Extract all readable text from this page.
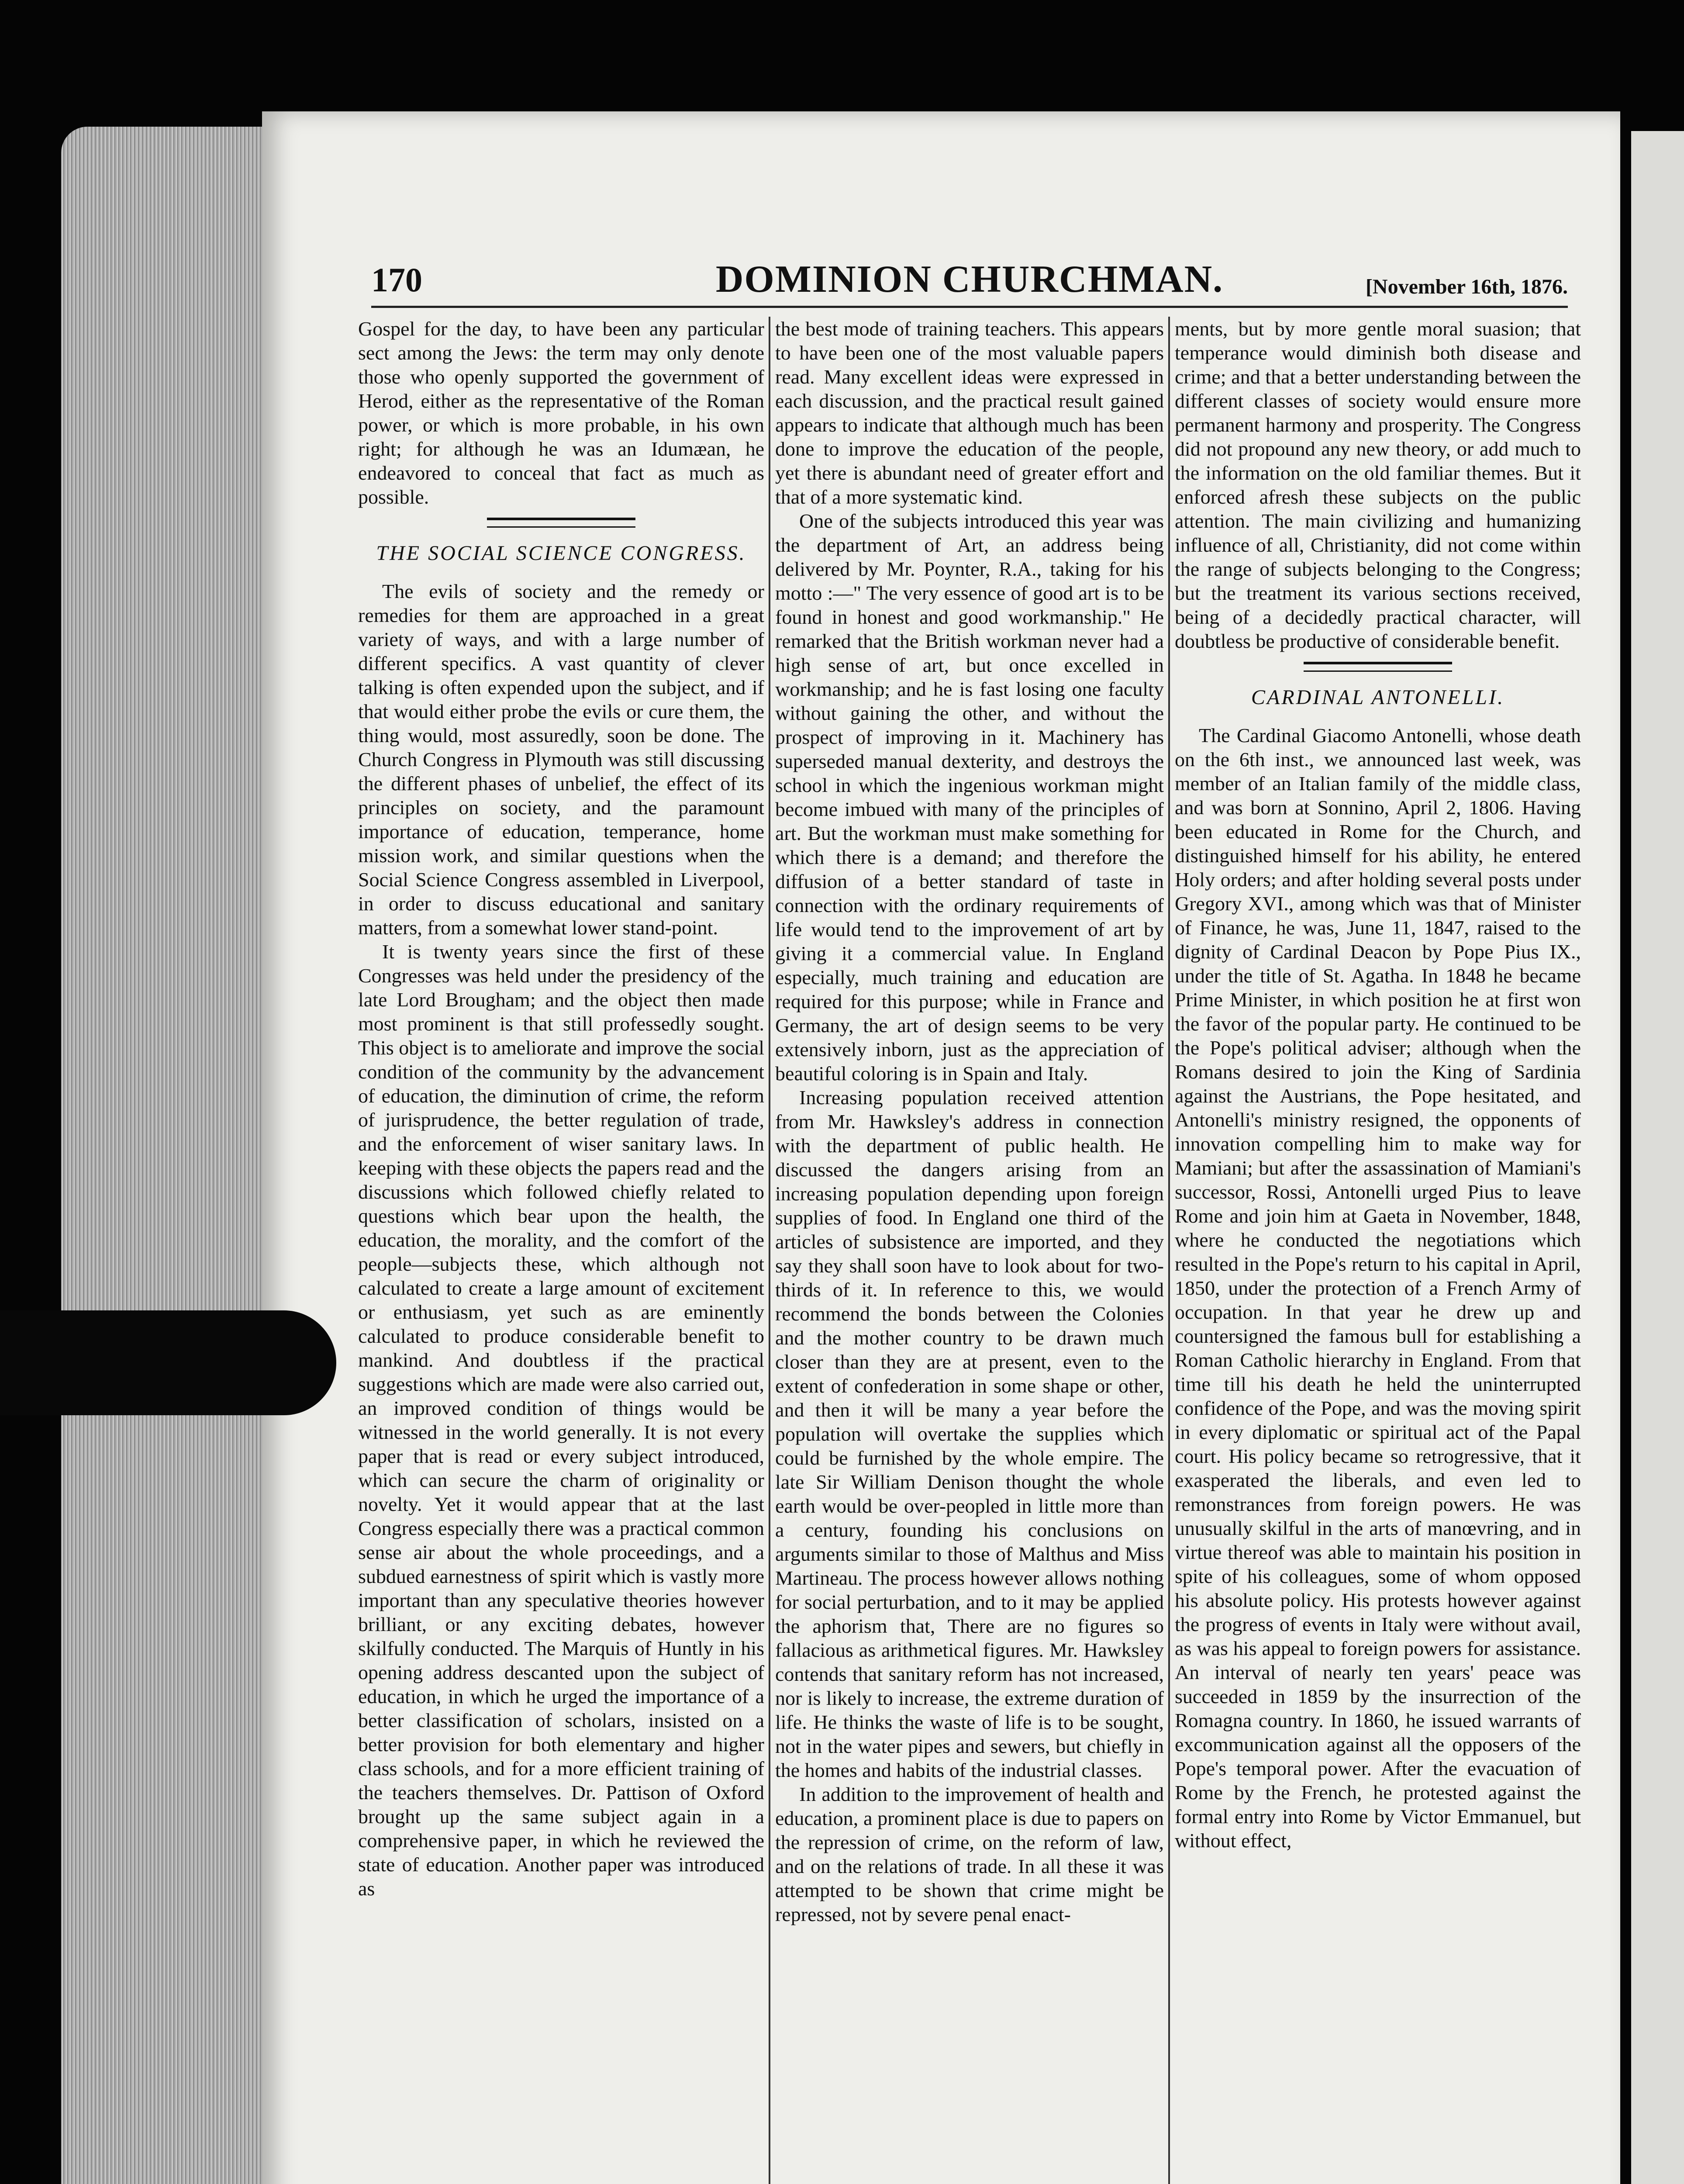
170	DOMINION CHURCHMAN.	[November 16th, 1876.

Gospel for the day, to have been any particular sect among the Jews: the term may only denote those who openly supported the government of Herod, either as the representative of the Roman power, or which is more probable, in his own right; for although he was an Idumæan, he endeavored to conceal that fact as much as possible.

THE SOCIAL SCIENCE CONGRESS.

The evils of society and the remedy or remedies for them are approached in a great variety of ways, and with a large number of different specifics. A vast quantity of clever talking is often expended upon the subject, and if that would either probe the evils or cure them, the thing would, most assuredly, soon be done. The Church Congress in Plymouth was still discussing the different phases of unbelief, the effect of its principles on society, and the paramount importance of education, temperance, home mission work, and similar questions when the Social Science Congress assembled in Liverpool, in order to discuss educational and sanitary matters, from a somewhat lower stand-point.

It is twenty years since the first of these Congresses was held under the presidency of the late Lord Brougham; and the object then made most prominent is that still professedly sought. This object is to ameliorate and improve the social condition of the community by the advancement of education, the diminution of crime, the reform of jurisprudence, the better regulation of trade, and the enforcement of wiser sanitary laws. In keeping with these objects the papers read and the discussions which followed chiefly related to questions which bear upon the health, the education, the morality, and the comfort of the people—subjects these, which although not calculated to create a large amount of excitement or enthusiasm, yet such as are eminently calculated to produce considerable benefit to mankind. And doubtless if the practical suggestions which are made were also carried out, an improved condition of things would be witnessed in the world generally. It is not every paper that is read or every subject introduced, which can secure the charm of originality or novelty. Yet it would appear that at the last Congress especially there was a practical common sense air about the whole proceedings, and a subdued earnestness of spirit which is vastly more important than any speculative theories however brilliant, or any exciting debates, however skilfully conducted. The Marquis of Huntly in his opening address descanted upon the subject of education, in which he urged the importance of a better classification of scholars, insisted on a better provision for both elementary and higher class schools, and for a more efficient training of the teachers themselves. Dr. Pattison of Oxford brought up the same subject again in a comprehensive paper, in which he reviewed the state of education. Another paper was introduced as

the best mode of training teachers. This appears to have been one of the most valuable papers read. Many excellent ideas were expressed in each discussion, and the practical result gained appears to indicate that although much has been done to improve the education of the people, yet there is abundant need of greater effort and that of a more systematic kind.

One of the subjects introduced this year was the department of Art, an address being delivered by Mr. Poynter, R.A., taking for his motto :—" The very essence of good art is to be found in honest and good workmanship." He remarked that the British workman never had a high sense of art, but once excelled in workmanship; and he is fast losing one faculty without gaining the other, and without the prospect of improving in it. Machinery has superseded manual dexterity, and destroys the school in which the ingenious workman might become imbued with many of the principles of art. But the workman must make something for which there is a demand; and therefore the diffusion of a better standard of taste in connection with the ordinary requirements of life would tend to the improvement of art by giving it a commercial value. In England especially, much training and education are required for this purpose; while in France and Germany, the art of design seems to be very extensively inborn, just as the appreciation of beautiful coloring is in Spain and Italy.

Increasing population received attention from Mr. Hawksley's address in connection with the department of public health. He discussed the dangers arising from an increasing population depending upon foreign supplies of food. In England one third of the articles of subsistence are imported, and they say they shall soon have to look about for two-thirds of it. In reference to this, we would recommend the bonds between the Colonies and the mother country to be drawn much closer than they are at present, even to the extent of confederation in some shape or other, and then it will be many a year before the population will overtake the supplies which could be furnished by the whole empire. The late Sir William Denison thought the whole earth would be over-peopled in little more than a century, founding his conclusions on arguments similar to those of Malthus and Miss Martineau. The process however allows nothing for social perturbation, and to it may be applied the aphorism that, There are no figures so fallacious as arithmetical figures. Mr. Hawksley contends that sanitary reform has not increased, nor is likely to increase, the extreme duration of life. He thinks the waste of life is to be sought, not in the water pipes and sewers, but chiefly in the homes and habits of the industrial classes.

In addition to the improvement of health and education, a prominent place is due to papers on the repression of crime, on the reform of law, and on the relations of trade. In all these it was attempted to be shown that crime might be repressed, not by severe penal enact-

ments, but by more gentle moral suasion; that temperance would diminish both disease and crime; and that a better understanding between the different classes of society would ensure more permanent harmony and prosperity. The Congress did not propound any new theory, or add much to the information on the old familiar themes. But it enforced afresh these subjects on the public attention. The main civilizing and humanizing influence of all, Christianity, did not come within the range of subjects belonging to the Congress; but the treatment its various sections received, being of a decidedly practical character, will doubtless be productive of considerable benefit.

CARDINAL ANTONELLI.

The Cardinal Giacomo Antonelli, whose death on the 6th inst., we announced last week, was member of an Italian family of the middle class, and was born at Sonnino, April 2, 1806. Having been educated in Rome for the Church, and distinguished himself for his ability, he entered Holy orders; and after holding several posts under Gregory XVI., among which was that of Minister of Finance, he was, June 11, 1847, raised to the dignity of Cardinal Deacon by Pope Pius IX., under the title of St. Agatha. In 1848 he became Prime Minister, in which position he at first won the favor of the popular party. He continued to be the Pope's political adviser; although when the Romans desired to join the King of Sardinia against the Austrians, the Pope hesitated, and Antonelli's ministry resigned, the opponents of innovation compelling him to make way for Mamiani; but after the assassination of Mamiani's successor, Rossi, Antonelli urged Pius to leave Rome and join him at Gaeta in November, 1848, where he conducted the negotiations which resulted in the Pope's return to his capital in April, 1850, under the protection of a French Army of occupation. In that year he drew up and countersigned the famous bull for establishing a Roman Catholic hierarchy in England. From that time till his death he held the uninterrupted confidence of the Pope, and was the moving spirit in every diplomatic or spiritual act of the Papal court. His policy became so retrogressive, that it exasperated the liberals, and even led to remonstrances from foreign powers. He was unusually skilful in the arts of manœvring, and in virtue thereof was able to maintain his position in spite of his colleagues, some of whom opposed his absolute policy. His protests however against the progress of events in Italy were without avail, as was his appeal to foreign powers for assistance. An interval of nearly ten years' peace was succeeded in 1859 by the insurrection of the Romagna country. In 1860, he issued warrants of excommunication against all the opposers of the Pope's temporal power. After the evacuation of Rome by the French, he protested against the formal entry into Rome by Victor Emmanuel, but without effect,
